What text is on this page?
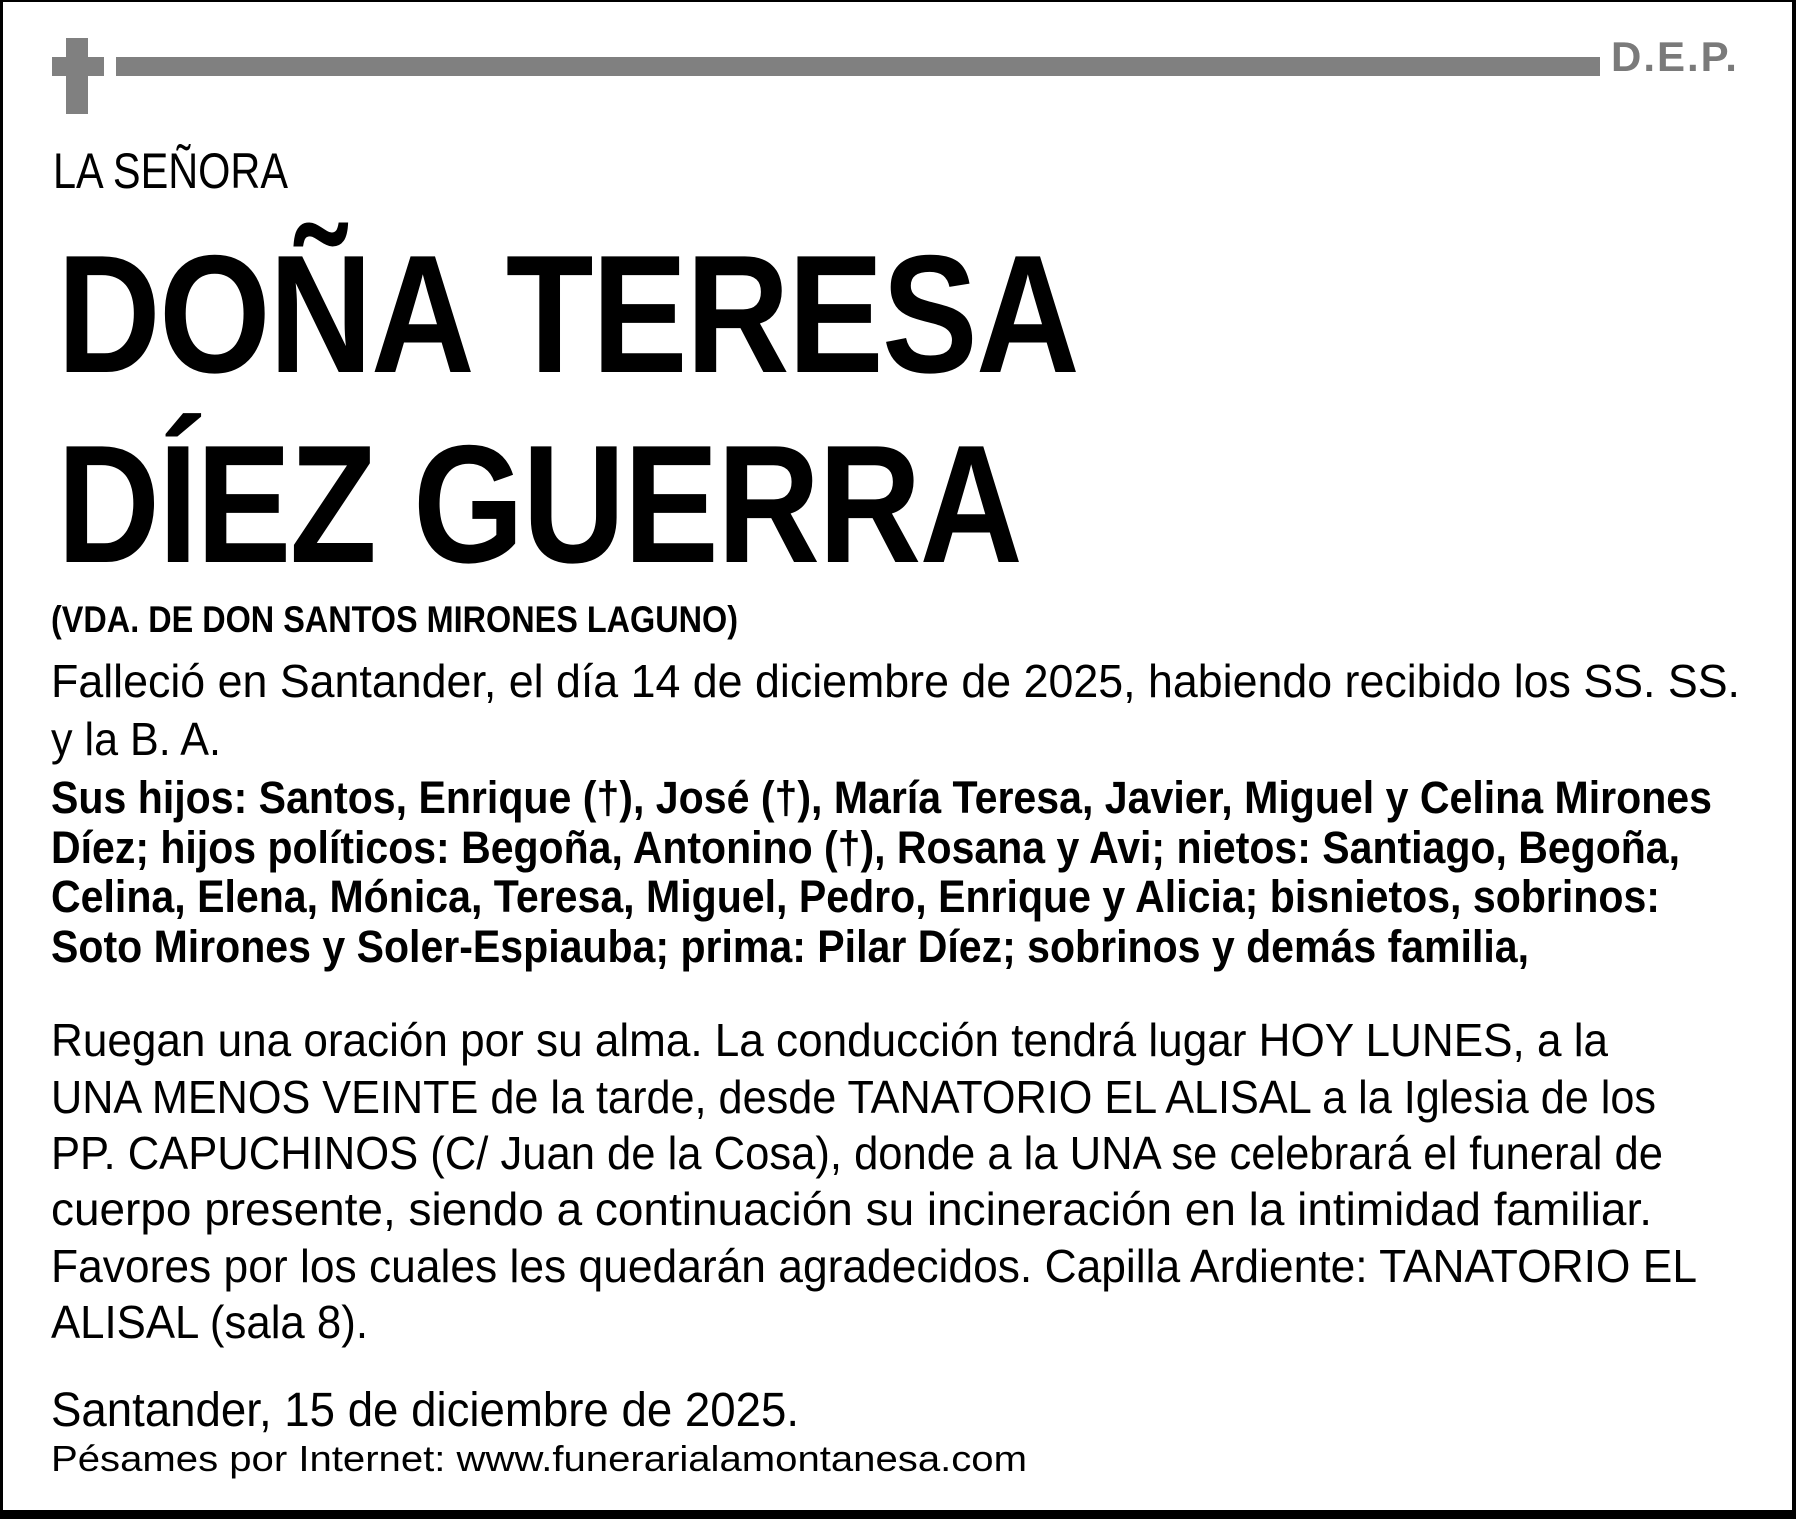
D.E.P.
LA SEÑORA
DOÑA TERESA
DÍEZ GUERRA
(VDA. DE DON SANTOS MIRONES LAGUNO)
Falleció en Santander, el día 14 de diciembre de 2025, habiendo recibido los SS. SS.
y la B. A.
Sus hijos: Santos, Enrique (†), José (†), María Teresa, Javier, Miguel y Celina Mirones
Díez; hijos políticos: Begoña, Antonino (†), Rosana y Avi; nietos: Santiago, Begoña,
Celina, Elena, Mónica, Teresa, Miguel, Pedro, Enrique y Alicia; bisnietos, sobrinos:
Soto Mirones y Soler-Espiauba; prima: Pilar Díez; sobrinos y demás familia,
Ruegan una oración por su alma. La conducción tendrá lugar HOY LUNES, a la
UNA MENOS VEINTE de la tarde, desde TANATORIO EL ALISAL a la Iglesia de los
PP. CAPUCHINOS (C/ Juan de la Cosa), donde a la UNA se celebrará el funeral de
cuerpo presente, siendo a continuación su incineración en la intimidad familiar.
Favores por los cuales les quedarán agradecidos. Capilla Ardiente: TANATORIO EL
ALISAL (sala 8).
Santander, 15 de diciembre de 2025.
Pésames por Internet: www.funerarialamontanesa.com
